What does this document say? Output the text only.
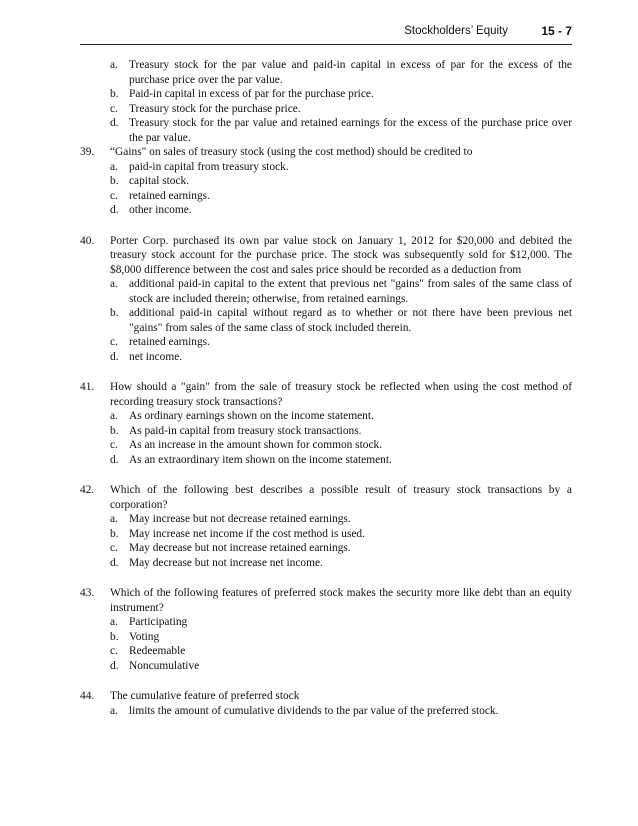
Stockholders’ Equity	15 - 7
a. Treasury stock for the par value and paid-in capital in excess of par for the excess of the purchase price over the par value.
b. Paid-in capital in excess of par for the purchase price.
c. Treasury stock for the purchase price.
d. Treasury stock for the par value and retained earnings for the excess of the purchase price over the par value.
39. “Gains" on sales of treasury stock (using the cost method) should be credited to
a. paid-in capital from treasury stock.
b. capital stock.
c. retained earnings.
d. other income.
40. Porter Corp. purchased its own par value stock on January 1, 2012 for $20,000 and debited the treasury stock account for the purchase price. The stock was subsequently sold for $12,000. The $8,000 difference between the cost and sales price should be recorded as a deduction from
a. additional paid-in capital to the extent that previous net "gains" from sales of the same class of stock are included therein; otherwise, from retained earnings.
b. additional paid-in capital without regard as to whether or not there have been previous net "gains" from sales of the same class of stock included therein.
c. retained earnings.
d. net income.
41. How should a "gain" from the sale of treasury stock be reflected when using the cost method of recording treasury stock transactions?
a. As ordinary earnings shown on the income statement.
b. As paid-in capital from treasury stock transactions.
c. As an increase in the amount shown for common stock.
d. As an extraordinary item shown on the income statement.
42. Which of the following best describes a possible result of treasury stock transactions by a corporation?
a. May increase but not decrease retained earnings.
b. May increase net income if the cost method is used.
c. May decrease but not increase retained earnings.
d. May decrease but not increase net income.
43. Which of the following features of preferred stock makes the security more like debt than an equity instrument?
a. Participating
b. Voting
c. Redeemable
d. Noncumulative
44. The cumulative feature of preferred stock
a. limits the amount of cumulative dividends to the par value of the preferred stock.
